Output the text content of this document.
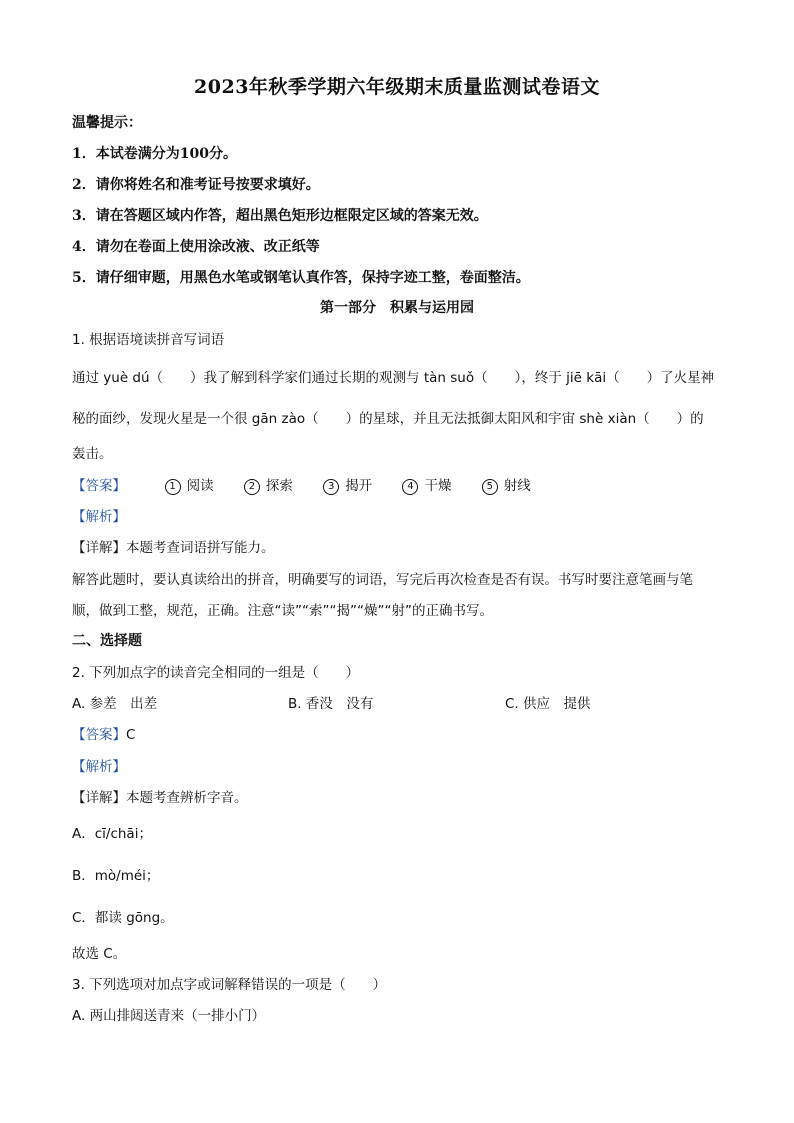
2023年秋季学期六年级期末质量监测试卷语文
温馨提示：
1．本试卷满分为100分。
2．请你将姓名和准考证号按要求填好。
3．请在答题区域内作答，超出黑色矩形边框限定区域的答案无效。
4．请勿在卷面上使用涂改液、改正纸等
5．请仔细审题，用黑色水笔或钢笔认真作答，保持字迹工整，卷面整洁。
第一部分　积累与运用园
1. 根据语境读拼音写词语
通过 yuè dú（　　）我了解到科学家们通过长期的观测与 tàn suǒ（　　），终于 jiē kāi（　　）了火星神
秘的面纱，发现火星是一个很 gān zào（　　）的星球，并且无法抵御太阳风和宇宙 shè xiàn（　　）的
轰击。
【答案】	1 阅读	2 探索	3 揭开	4 干燥	5 射线
【解析】
【详解】本题考查词语拼写能力。
解答此题时，要认真读给出的拼音，明确要写的词语，写完后再次检查是否有误。书写时要注意笔画与笔
顺，做到工整，规范，正确。注意“读”“索”“揭”“燥”“射”的正确书写。
二、选择题
2. 下列加点字的读音完全相同的一组是（　　）
A. 参差　出差	B. 香没　没有	C. 供应　提供
【答案】C
【解析】
【详解】本题考查辨析字音。
A．cī/chāi；
B．mò/méi；
C．都读 gōng。
故选 C。
3. 下列选项对加点字或词解释错误的一项是（　　）
A. 两山排闼送青来（一排小门）
